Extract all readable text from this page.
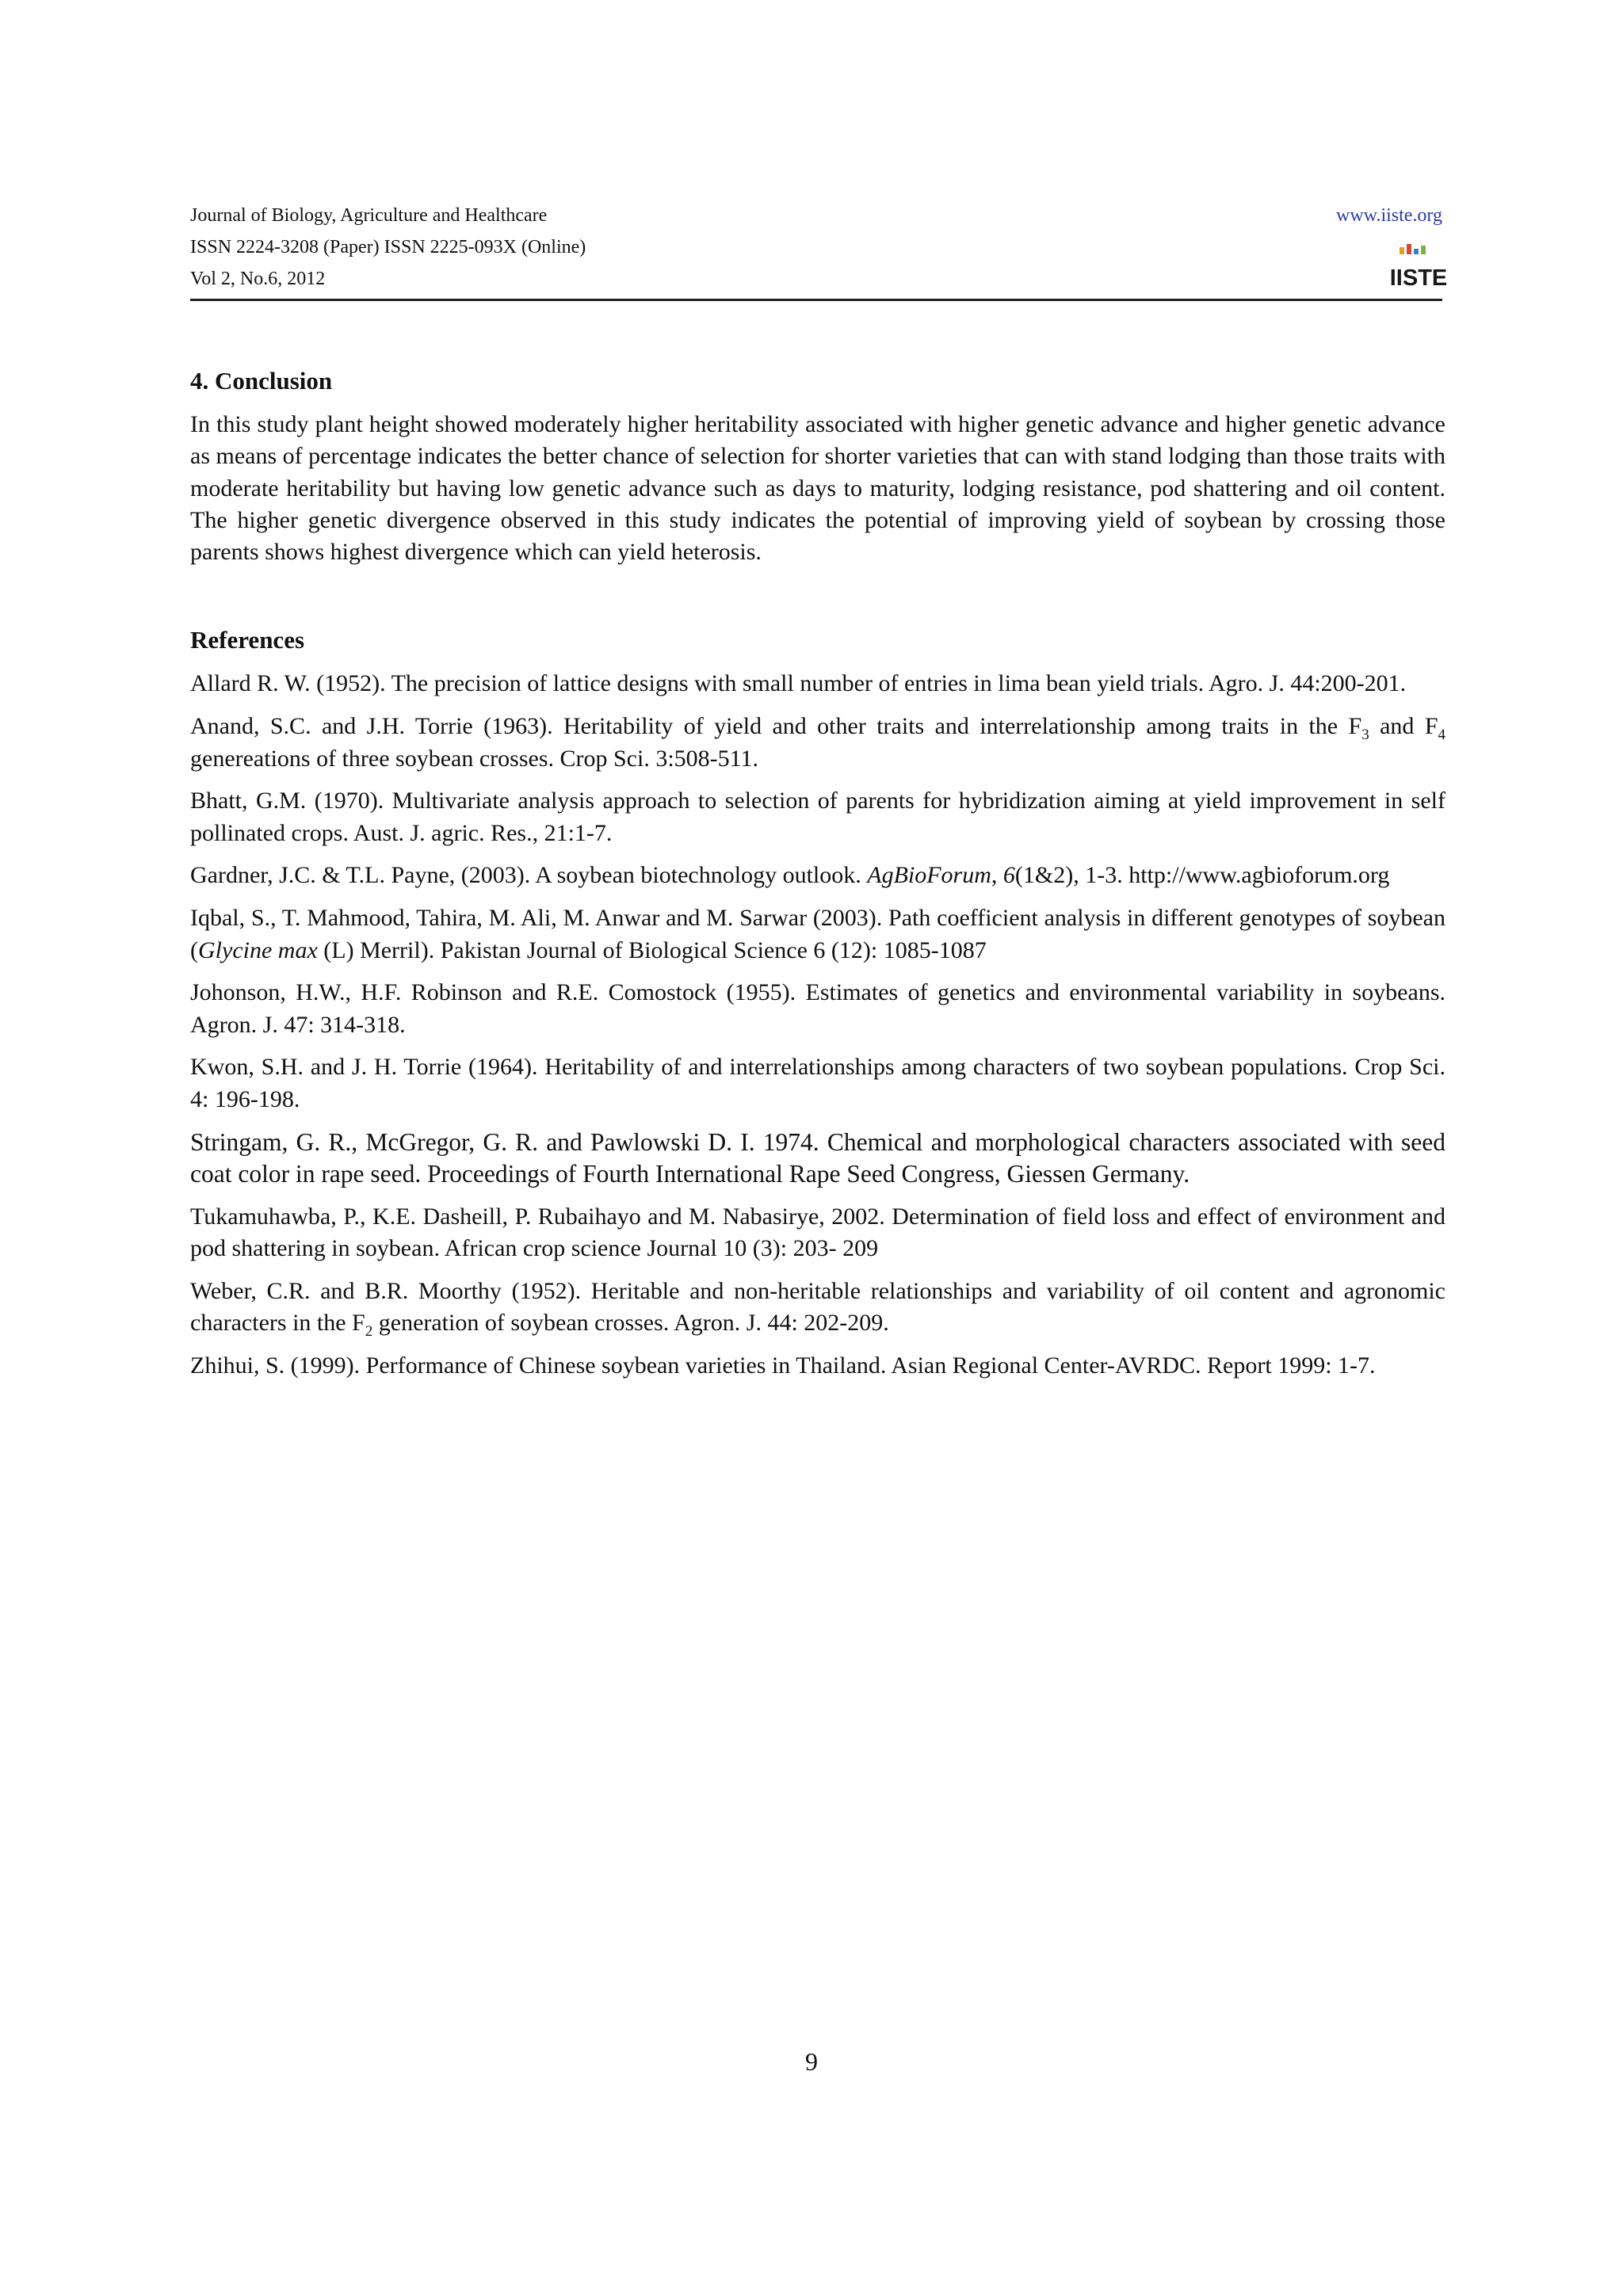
Journal of Biology, Agriculture and Healthcare
ISSN 2224-3208 (Paper) ISSN 2225-093X (Online)
Vol 2, No.6, 2012
www.iiste.org
IISTE
4. Conclusion

In this study plant height showed moderately higher heritability associated with higher genetic advance and higher genetic advance as means of percentage indicates the better chance of selection for shorter varieties that can with stand lodging than those traits with moderate heritability but having low genetic advance such as days to maturity, lodging resistance, pod shattering and oil content. The higher genetic divergence observed in this study indicates the potential of improving yield of soybean by crossing those parents shows highest divergence which can yield heterosis.

References

Allard R. W. (1952). The precision of lattice designs with small number of entries in lima bean yield trials. Agro. J. 44:200-201.

Anand, S.C. and J.H. Torrie (1963). Heritability of yield and other traits and interrelationship among traits in the $F_3$ and $F_4$ genereations of three soybean crosses. Crop Sci. 3:508-511.

Bhatt, G.M. (1970). Multivariate analysis approach to selection of parents for hybridization aiming at yield improvement in self pollinated crops. Aust. J. agric. Res., 21:1-7.

Gardner, J.C. & T.L. Payne, (2003). A soybean biotechnology outlook. AgBioForum, 6(1&2), 1-3. http://www.agbioforum.org

Iqbal, S., T. Mahmood, Tahira, M. Ali, M. Anwar and M. Sarwar (2003). Path coefficient analysis in different genotypes of soybean (Glycine max (L) Merril). Pakistan Journal of Biological Science 6 (12): 1085-1087

Johonson, H.W., H.F. Robinson and R.E. Comostock (1955). Estimates of genetics and environmental variability in soybeans. Agron. J. 47: 314-318.

Kwon, S.H. and J. H. Torrie (1964). Heritability of and interrelationships among characters of two soybean populations. Crop Sci. 4: 196-198.

Stringam, G. R., McGregor, G. R. and Pawlowski D. I. 1974. Chemical and morphological characters associated with seed coat color in rape seed. Proceedings of Fourth International Rape Seed Congress, Giessen Germany.

Tukamuhawba, P., K.E. Dasheill, P. Rubaihayo and M. Nabasirye, 2002. Determination of field loss and effect of environment and pod shattering in soybean. African crop science Journal 10 (3): 203- 209

Weber, C.R. and B.R. Moorthy (1952). Heritable and non-heritable relationships and variability of oil content and agronomic characters in the $F_2$ generation of soybean crosses. Agron. J. 44: 202-209.

Zhihui, S. (1999). Performance of Chinese soybean varieties in Thailand. Asian Regional Center-AVRDC. Report 1999: 1-7.

9
